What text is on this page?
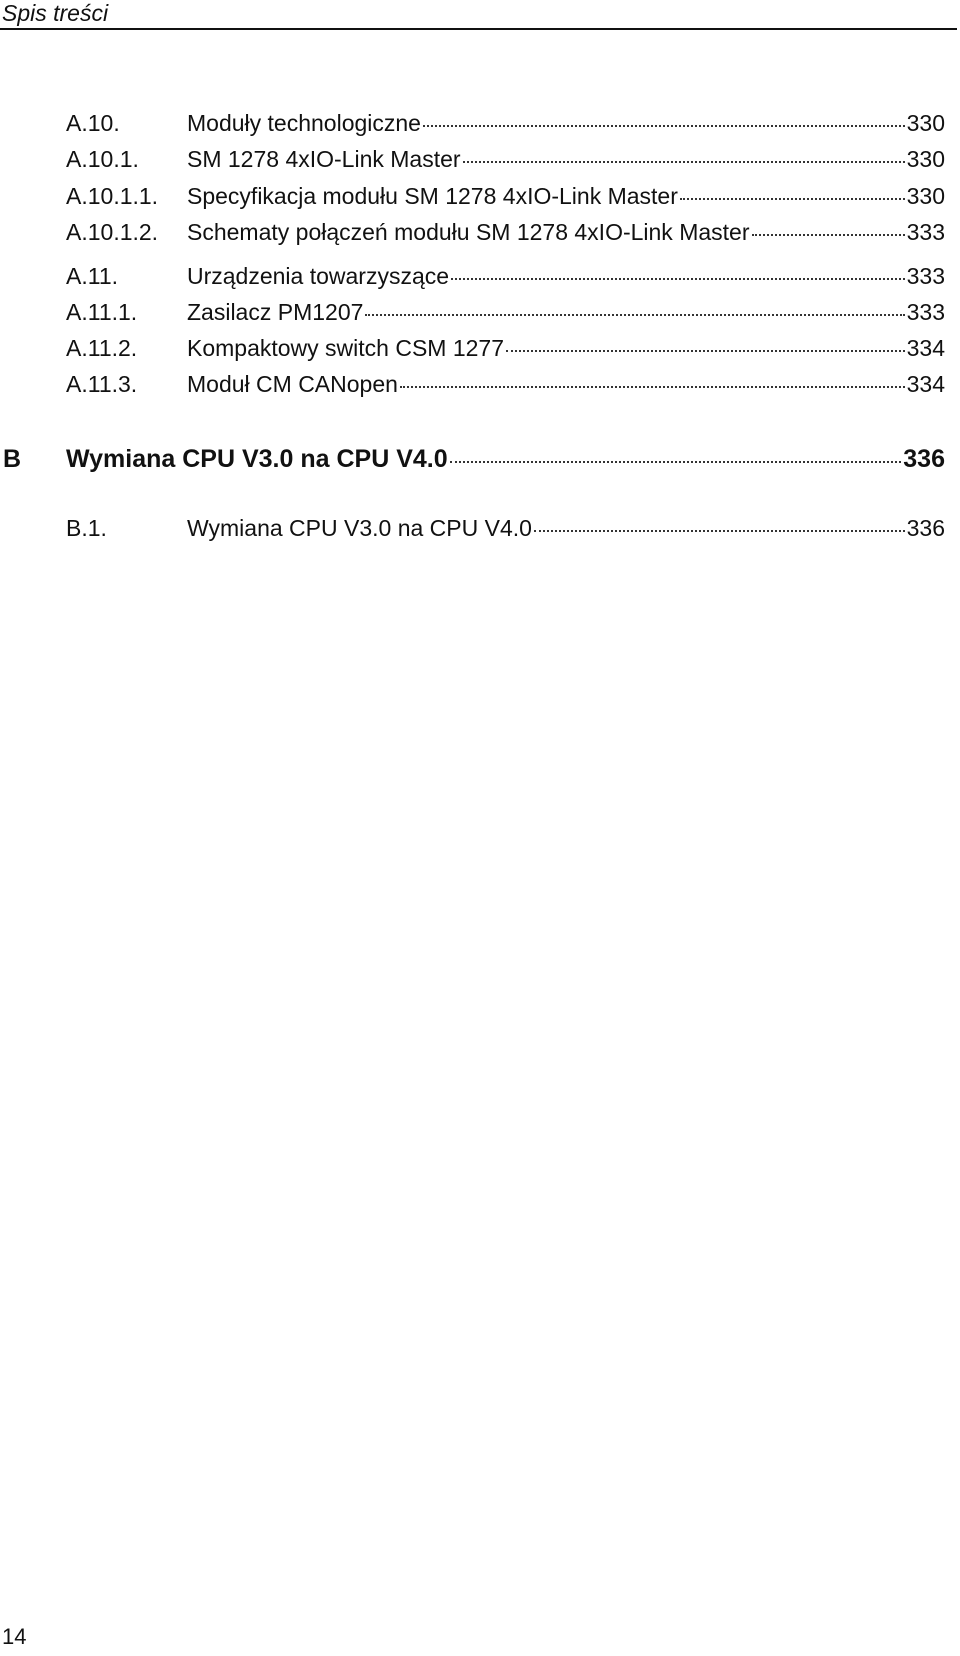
Spis treści
A.10.	Moduły technologiczne	330
A.10.1. SM 1278 4xIO-Link Master	330
A.10.1.1. Specyfikacja modułu SM 1278 4xIO-Link Master	330
A.10.1.2. Schematy połączeń modułu SM 1278 4xIO-Link Master	333
A.11.	Urządzenia towarzyszące	333
A.11.1. Zasilacz PM1207	333
A.11.2. Kompaktowy switch CSM 1277	334
A.11.3. Moduł CM CANopen	334
B Wymiana CPU V3.0 na CPU V4.0	336
B.1.	Wymiana CPU V3.0 na CPU V4.0	336
14
